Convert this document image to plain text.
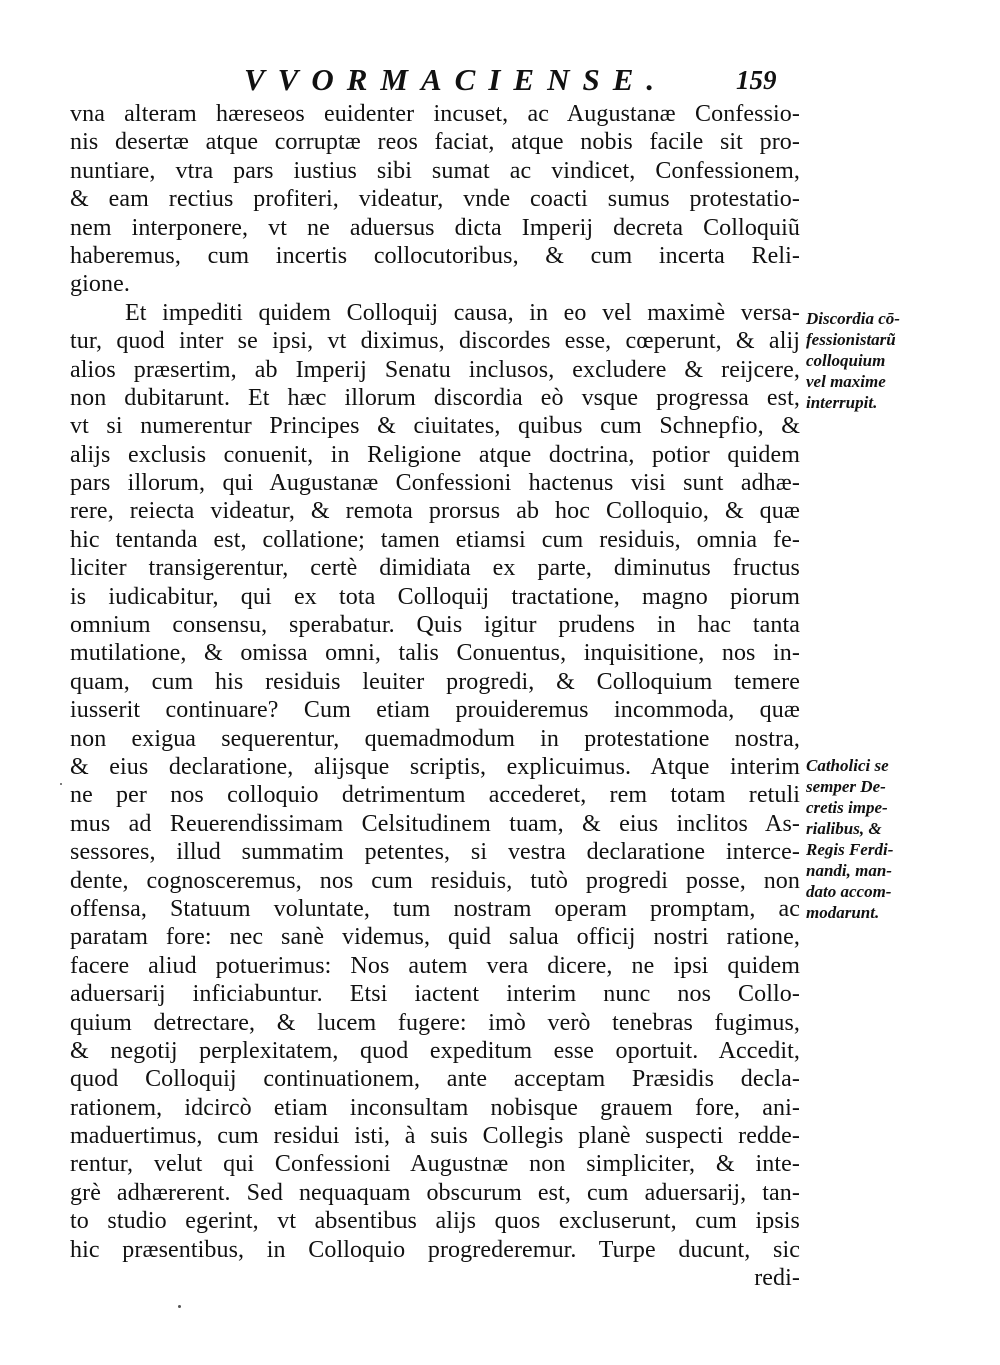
VVORMACIENSE.	159
vna alteram hæreseos euidenter incuset, ac Augustanæ Confessio-
nis desertæ atque corruptæ reos faciat, atque nobis facile sit pro-
nuntiare, vtra pars iustius sibi sumat ac vindicet, Confessionem,
& eam rectius profiteri, videatur, vnde coacti sumus protestatio-
nem interponere, vt ne aduersus dicta Imperij decreta Colloquiũ
haberemus, cum incertis collocutoribus, & cum incerta Reli-
gione.
Et impediti quidem Colloquij causa, in eo vel maximè versa-
tur, quod inter se ipsi, vt diximus, discordes esse, cœperunt, & alij
alios præsertim, ab Imperij Senatu inclusos, excludere & reijcere,
non dubitarunt. Et hæc illorum discordia eò vsque progressa est,
vt si numerentur Principes & ciuitates, quibus cum Schnepfio, &
alijs exclusis conuenit, in Religione atque doctrina, potior quidem
pars illorum, qui Augustanæ Confessioni hactenus visi sunt adhæ-
rere, reiecta videatur, & remota prorsus ab hoc Colloquio, & quæ
hic tentanda est, collatione; tamen etiamsi cum residuis, omnia fe-
liciter transigerentur, certè dimidiata ex parte, diminutus fructus
is iudicabitur, qui ex tota Colloquij tractatione, magno piorum
omnium consensu, sperabatur. Quis igitur prudens in hac tanta
mutilatione, & omissa omni, talis Conuentus, inquisitione, nos in-
quam, cum his residuis leuiter progredi, & Colloquium temere
iusserit continuare? Cum etiam prouideremus incommoda, quæ
non exigua sequerentur, quemadmodum in protestatione nostra,
& eius declaratione, alijsque scriptis, explicuimus. Atque interim
ne per nos colloquio detrimentum accederet, rem totam retuli
mus ad Reuerendissimam Celsitudinem tuam, & eius inclitos As-
sessores, illud summatim petentes, si vestra declaratione interce-
dente, cognosceremus, nos cum residuis, tutò progredi posse, non
offensa, Statuum voluntate, tum nostram operam promptam, ac
paratam fore: nec sanè videmus, quid salua officij nostri ratione,
facere aliud potuerimus: Nos autem vera dicere, ne ipsi quidem
aduersarij inficiabuntur. Etsi iactent interim nunc nos Collo-
quium detrectare, & lucem fugere: imò verò tenebras fugimus,
& negotij perplexitatem, quod expeditum esse oportuit. Accedit,
quod Colloquij continuationem, ante acceptam Præsidis decla-
rationem, idcircò etiam inconsultam nobisque grauem fore, ani-
maduertimus, cum residui isti, à suis Collegis planè suspecti redde-
rentur, velut qui Confessioni Augustnæ non simpliciter, & inte-
grè adhærerent. Sed nequaquam obscurum est, cum aduersarij, tan-
to studio egerint, vt absentibus alijs quos excluserunt, cum ipsis
hic præsentibus, in Colloquio progrederemur. Turpe ducunt, sic
redi-
Discordia cō-
fessionistarũ
colloquium
vel maxime
interrupit.
Catholici se
semper De-
cretis impe-
rialibus, &
Regis Ferdi-
nandi, man-
dato accom-
modarunt.
